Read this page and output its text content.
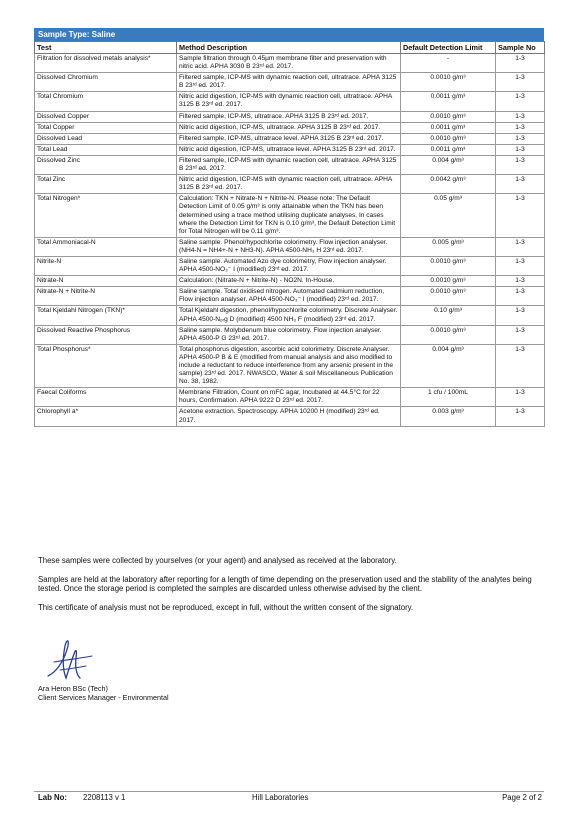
Sample Type: Saline
Test	Method Description	Default Detection Limit	Sample No
Filtration for dissolved metals analysis*	Sample filtration through 0.45µm membrane filter and preservation with nitric acid. APHA 3030 B 23ʳᵈ ed. 2017.	-	1-3
Dissolved Chromium	Filtered sample, ICP-MS with dynamic reaction cell, ultratrace. APHA 3125 B 23ʳᵈ ed. 2017.	0.0010 g/m³	1-3
Total Chromium	Nitric acid digestion, ICP-MS with dynamic reaction cell, ultratrace. APHA 3125 B 23ʳᵈ ed. 2017.	0.0011 g/m³	1-3
Dissolved Copper	Filtered sample, ICP-MS, ultratrace. APHA 3125 B 23ʳᵈ ed. 2017.	0.0010 g/m³	1-3
Total Copper	Nitric acid digestion, ICP-MS, ultratrace. APHA 3125 B 23ʳᵈ ed. 2017.	0.0011 g/m³	1-3
Dissolved Lead	Filtered sample, ICP-MS, ultratrace level. APHA 3125 B 23ʳᵈ ed. 2017.	0.0010 g/m³	1-3
Total Lead	Nitric acid digestion, ICP-MS, ultratrace level. APHA 3125 B 23ʳᵈ ed. 2017.	0.0011 g/m³	1-3
Dissolved Zinc	Filtered sample, ICP-MS with dynamic reaction cell, ultratrace. APHA 3125 B 23ʳᵈ ed. 2017.	0.004 g/m³	1-3
Total Zinc	Nitric acid digestion, ICP-MS with dynamic reaction cell, ultratrace. APHA 3125 B 23ʳᵈ ed. 2017.	0.0042 g/m³	1-3
Total Nitrogen*	Calculation: TKN + Nitrate-N + Nitrite-N. Please note: The Default Detection Limit of 0.05 g/m³ is only attainable when the TKN has been determined using a trace method utilising duplicate analyses. In cases where the Detection Limit for TKN is 0.10 g/m³, the Default Detection Limit for Total Nitrogen will be 0.11 g/m³.	0.05 g/m³	1-3
Total Ammoniacal-N	Saline sample. Phenol/hypochlorite colorimetry. Flow injection analyser. (NH4-N = NH4+-N + NH3-N). APHA 4500-NH₃ H 23ʳᵈ ed. 2017.	0.005 g/m³	1-3
Nitrite-N	Saline sample. Automated Azo dye colorimetry, Flow injection analyser. APHA 4500-NO₃⁻ I (modified) 23ʳᵈ ed. 2017.	0.0010 g/m³	1-3
Nitrate-N	Calculation: (Nitrate-N + Nitrite-N) - NO2N. In-House.	0.0010 g/m³	1-3
Nitrate-N + Nitrite-N	Saline sample. Total oxidised nitrogen. Automated cadmium reduction, Flow injection analyser. APHA 4500-NO₃⁻ I (modified) 23ʳᵈ ed. 2017.	0.0010 g/m³	1-3
Total Kjeldahl Nitrogen (TKN)*	Total Kjeldahl digestion, phenol/hypochlorite colorimetry. Discrete Analyser. APHA 4500-Nₒᵣg D (modified) 4500 NH₃ F (modified) 23ʳᵈ ed. 2017.	0.10 g/m³	1-3
Dissolved Reactive Phosphorus	Saline sample. Molybdenum blue colorimetry. Flow injection analyser. APHA 4500-P G 23ʳᵈ ed. 2017.	0.0010 g/m³	1-3
Total Phosphorus*	Total phosphorus digestion, ascorbic acid colorimetry. Discrete Analyser. APHA 4500-P B & E (modified from manual analysis and also modified to include a reductant to reduce interference from any arsenic present in the sample) 23ʳᵈ ed. 2017. NWASCO, Water & soil Miscellaneous Publication No. 38, 1982.	0.004 g/m³	1-3
Faecal Coliforms	Membrane Filtration, Count on mFC agar, Incubated at 44.5°C for 22 hours, Confirmation. APHA 9222 D 23ʳᵈ ed. 2017.	1 cfu / 100mL	1-3
Chlorophyll a*	Acetone extraction. Spectroscopy. APHA 10200 H (modified) 23ʳᵈ ed. 2017.	0.003 g/m³	1-3

These samples were collected by yourselves (or your agent) and analysed as received at the laboratory.

Samples are held at the laboratory after reporting for a length of time depending on the preservation used and the stability of the analytes being tested. Once the storage period is completed the samples are discarded unless otherwise advised by the client.

This certificate of analysis must not be reproduced, except in full, without the written consent of the signatory.

Ara Heron BSc (Tech)
Client Services Manager - Environmental
Lab No: 2208113 v 1	Hill Laboratories	Page 2 of 2
